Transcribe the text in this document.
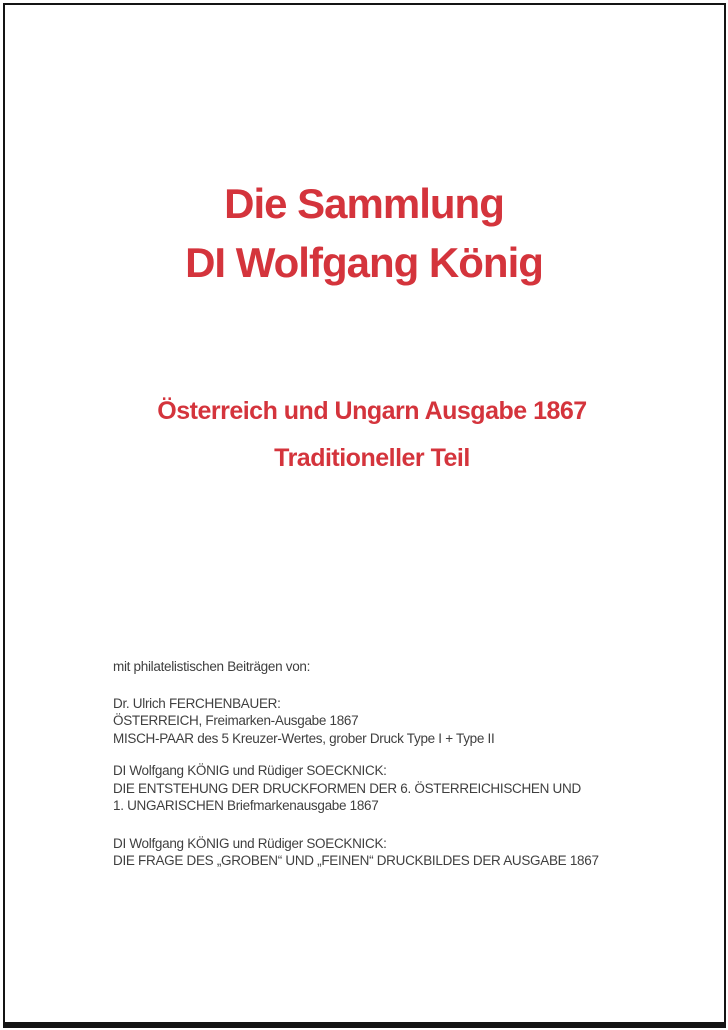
Die Sammlung
DI Wolfgang König
Österreich und Ungarn Ausgabe 1867
Traditioneller Teil

mit philatelistischen Beiträgen von:

Dr. Ulrich FERCHENBAUER:
ÖSTERREICH, Freimarken-Ausgabe 1867
MISCH-PAAR des 5 Kreuzer-Wertes, grober Druck Type I + Type II

DI Wolfgang KÖNIG und Rüdiger SOECKNICK:
DIE ENTSTEHUNG DER DRUCKFORMEN DER 6. ÖSTERREICHISCHEN UND
1. UNGARISCHEN Briefmarkenausgabe 1867

DI Wolfgang KÖNIG und Rüdiger SOECKNICK:
DIE FRAGE DES „GROBEN“ UND „FEINEN“ DRUCKBILDES DER AUSGABE 1867
